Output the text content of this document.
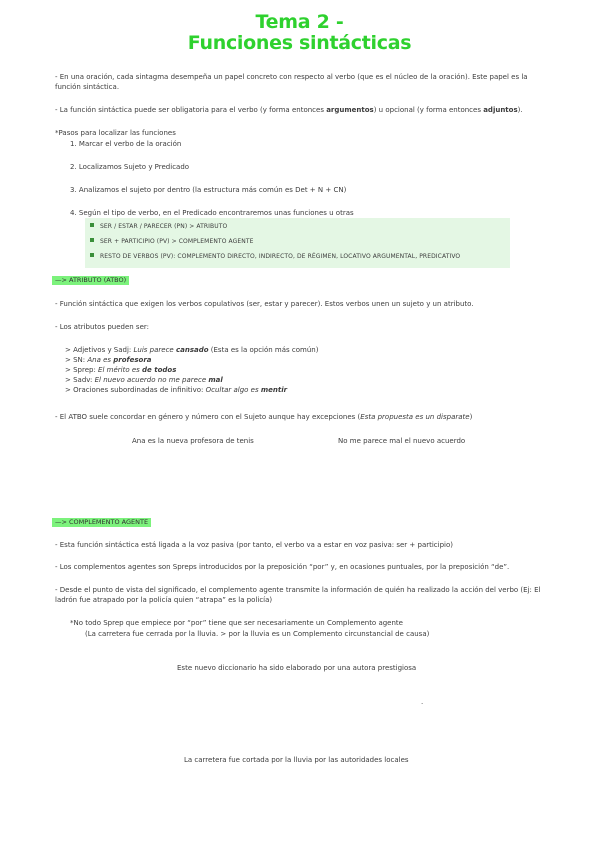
Tema 2 -
Funciones sintácticas
- En una oración, cada sintagma desempeña un papel concreto con respecto al verbo (que es el núcleo de la oración). Este papel es la función sintáctica.
- La función sintáctica puede ser obligatoria para el verbo (y forma entonces argumentos) u opcional (y forma entonces adjuntos).
*Pasos para localizar las funciones
1. Marcar el verbo de la oración
2. Localizamos Sujeto y Predicado
3. Analizamos el sujeto por dentro (la estructura más común es Det + N + CN)
4. Según el tipo de verbo, en el Predicado encontraremos unas funciones u otras
SER / ESTAR / PARECER (PN) > ATRIBUTO
SER + PARTICIPIO (PV) > COMPLEMENTO AGENTE
RESTO DE VERBOS (PV): COMPLEMENTO DIRECTO, INDIRECTO, DE RÉGIMEN, LOCATIVO ARGUMENTAL, PREDICATIVO
—> ATRIBUTO (ATBO)
- Función sintáctica que exigen los verbos copulativos (ser, estar y parecer). Estos verbos unen un sujeto y un atributo.
- Los atributos pueden ser:
> Adjetivos y Sadj: Luis parece cansado (Esta es la opción más común)
> SN: Ana es profesora
> Sprep: El mérito es de todos
> Sadv: El nuevo acuerdo no me parece mal
> Oraciones subordinadas de infinitivo: Ocultar algo es mentir
- El ATBO suele concordar en género y número con el Sujeto aunque hay excepciones (Esta propuesta es un disparate)
Ana es la nueva profesora de tenis	No me parece mal el nuevo acuerdo
—> COMPLEMENTO AGENTE
- Esta función sintáctica está ligada a la voz pasiva (por tanto, el verbo va a estar en voz pasiva: ser + participio)
- Los complementos agentes son Spreps introducidos por la preposición “por” y, en ocasiones puntuales, por la preposición “de”.
- Desde el punto de vista del significado, el complemento agente transmite la información de quién ha realizado la acción del verbo (Ej: El ladrón fue atrapado por la policía quien “atrapa” es la policía)
*No todo Sprep que empiece por “por” tiene que ser necesariamente un Complemento agente
(La carretera fue cerrada por la lluvia. > por la lluvia es un Complemento circunstancial de causa)
Este nuevo diccionario ha sido elaborado por una autora prestigiosa
.
La carretera fue cortada por la lluvia por las autoridades locales
